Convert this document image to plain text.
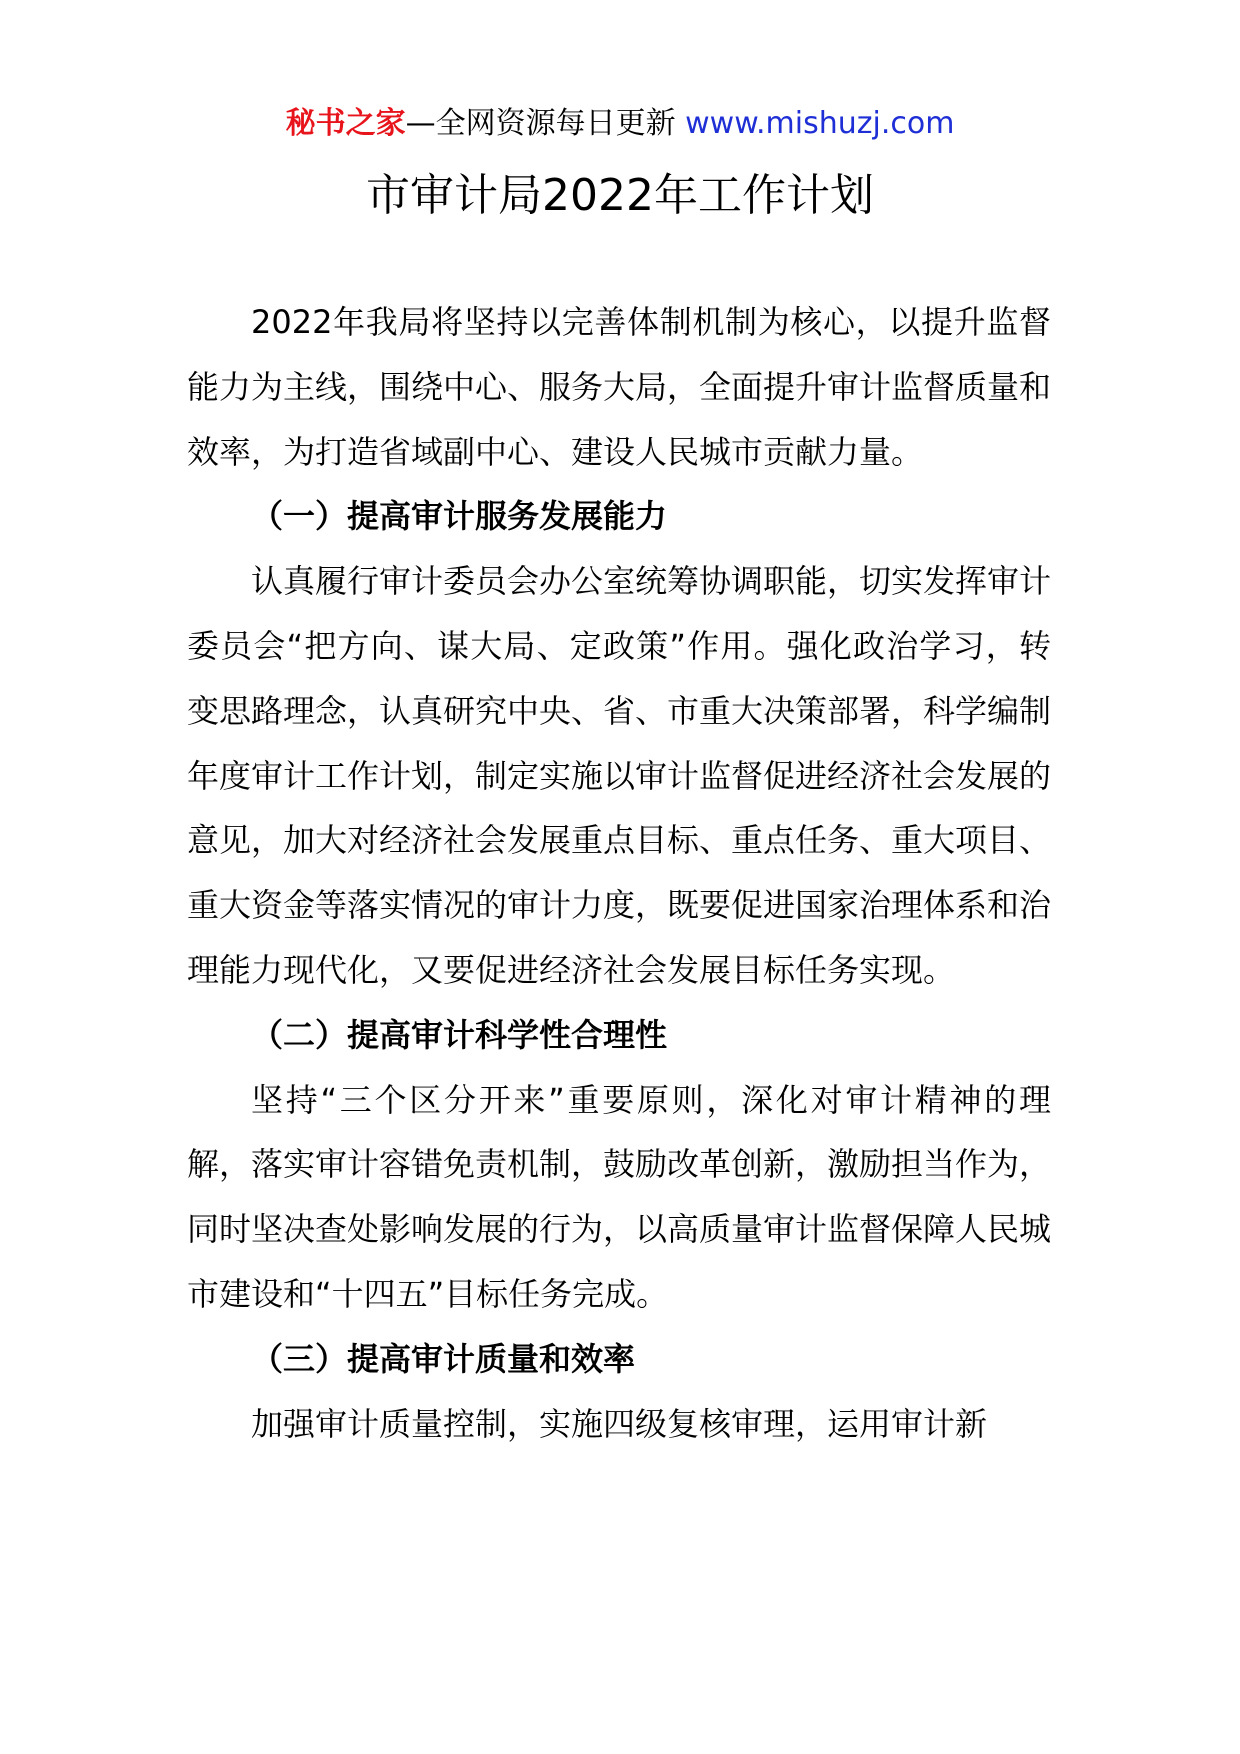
秘书之家—全网资源每日更新 www.mishuzj.com
市审计局2022年工作计划

2022年我局将坚持以完善体制机制为核心，以提升监督能力为主线，围绕中心、服务大局，全面提升审计监督质量和效率，为打造省域副中心、建设人民城市贡献力量。

（一）提高审计服务发展能力

认真履行审计委员会办公室统筹协调职能，切实发挥审计委员会“把方向、谋大局、定政策”作用。强化政治学习，转变思路理念，认真研究中央、省、市重大决策部署，科学编制年度审计工作计划，制定实施以审计监督促进经济社会发展的意见，加大对经济社会发展重点目标、重点任务、重大项目、重大资金等落实情况的审计力度，既要促进国家治理体系和治理能力现代化，又要促进经济社会发展目标任务实现。

（二）提高审计科学性合理性

坚持“三个区分开来”重要原则，深化对审计精神的理解，落实审计容错免责机制，鼓励改革创新，激励担当作为，同时坚决查处影响发展的行为，以高质量审计监督保障人民城市建设和“十四五”目标任务完成。

（三）提高审计质量和效率

加强审计质量控制，实施四级复核审理，运用审计新
